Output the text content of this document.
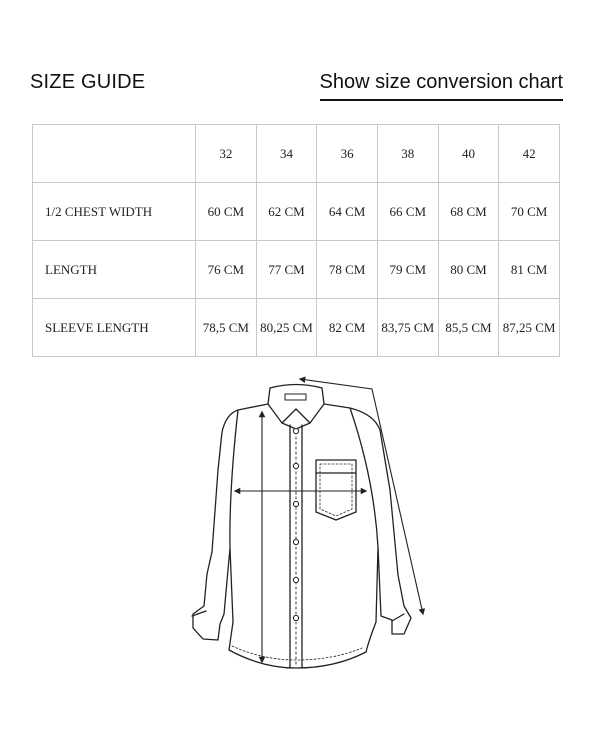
SIZE GUIDE	Show size conversion chart
	32	34	36	38	40	42
1/2 CHEST WIDTH	60 CM	62 CM	64 CM	66 CM	68 CM	70 CM
LENGTH	76 CM	77 CM	78 CM	79 CM	80 CM	81 CM
SLEEVE LENGTH	78,5 CM	80,25 CM	82 CM	83,75 CM	85,5 CM	87,25 CM
